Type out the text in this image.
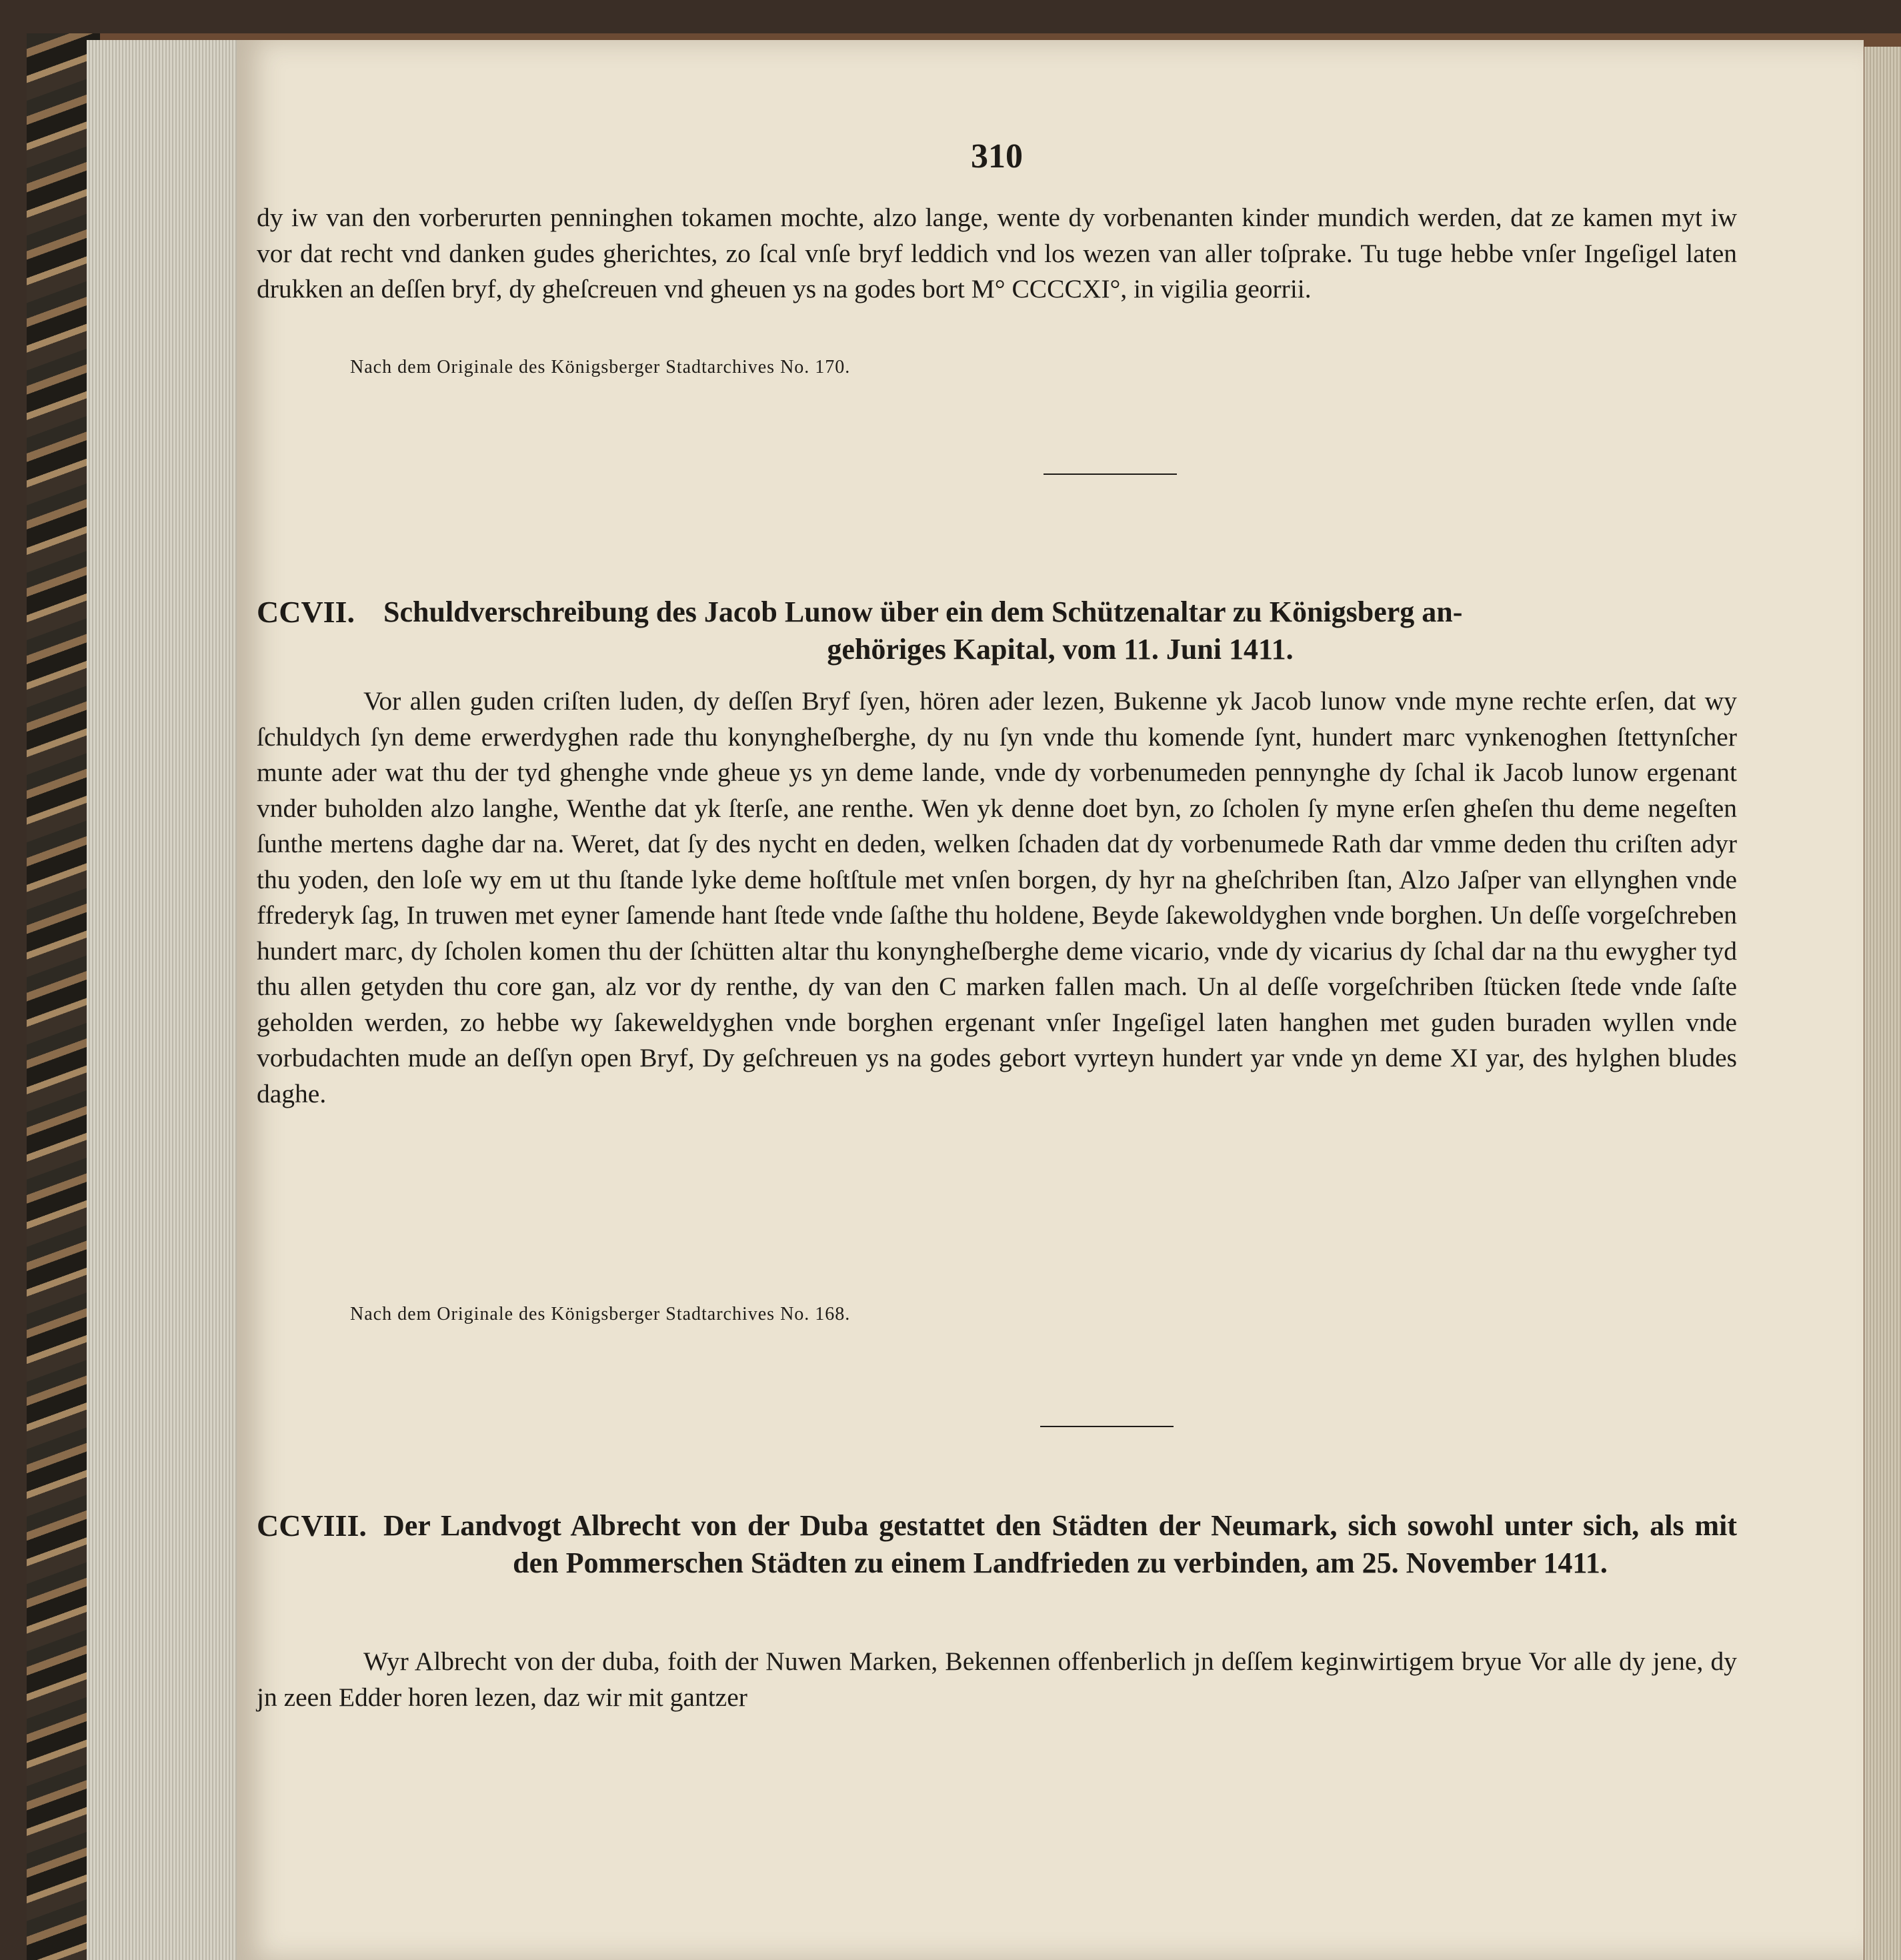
310
dy iw van den vorberurten penninghen tokamen mochte, alzo lange, wente dy vorbenanten kinder mundich werden, dat ze kamen myt iw vor dat recht vnd danken gudes gherichtes, zo ſcal vnſe bryf leddich vnd los wezen van aller toſprake. Tu tuge hebbe vnſer Ingeſigel laten drukken an deſſen bryf, dy gheſcreuen vnd gheuen ys na godes bort M° CCCCXI°, in vigilia georrii.
Nach dem Originale des Königsberger Stadtarchives No. 170.
CCVII. Schuldverschreibung des Jacob Lunow über ein dem Schützenaltar zu Königsberg an-
gehöriges Kapital, vom 11. Juni 1411.
Vor allen guden criſten luden, dy deſſen Bryf ſyen, hören ader lezen, Bukenne yk Jacob lunow vnde myne rechte erſen, dat wy ſchuldych ſyn deme erwerdyghen rade thu konyngheſberghe, dy nu ſyn vnde thu komende ſynt, hundert marc vynkenoghen ſtettynſcher munte ader wat thu der tyd ghenghe vnde gheue ys yn deme lande, vnde dy vorbenumeden pennynghe dy ſchal ik Jacob lunow ergenant vnder buholden alzo langhe, Wenthe dat yk ſterſe, ane renthe. Wen yk denne doet byn, zo ſcholen ſy myne erſen gheſen thu deme negeſten ſunthe mertens daghe dar na. Weret, dat ſy des nycht en deden, welken ſchaden dat dy vorbenumede Rath dar vmme deden thu criſten adyr thu yoden, den loſe wy em ut thu ſtande lyke deme hoſtſtule met vnſen borgen, dy hyr na gheſchriben ſtan, Alzo Jaſper van ellynghen vnde ffrederyk ſag, In truwen met eyner ſamende hant ſtede vnde ſaſthe thu holdene, Beyde ſakewoldyghen vnde borghen. Un deſſe vorgeſchreben hundert marc, dy ſcholen komen thu der ſchütten altar thu konyngheſberghe deme vicario, vnde dy vicarius dy ſchal dar na thu ewygher tyd thu allen getyden thu core gan, alz vor dy renthe, dy van den C marken fallen mach. Un al deſſe vorgeſchriben ſtücken ſtede vnde ſaſte geholden werden, zo hebbe wy ſakeweldyghen vnde borghen ergenant vnſer Ingeſigel laten hanghen met guden buraden wyllen vnde vorbudachten mude an deſſyn open Bryf, Dy geſchreuen ys na godes gebort vyrteyn hundert yar vnde yn deme XI yar, des hylghen bludes daghe.
Nach dem Originale des Königsberger Stadtarchives No. 168.
CCVIII. Der Landvogt Albrecht von der Duba gestattet den Städten der Neumark, sich sowohl unter sich, als mit den Pommerschen Städten zu einem Landfrieden zu verbinden, am 25. November 1411.
Wyr Albrecht von der duba, foith der Nuwen Marken, Bekennen offenberlich jn deſſem keginwirtigem bryue Vor alle dy jene, dy jn zeen Edder horen lezen, daz wir mit gantzer
